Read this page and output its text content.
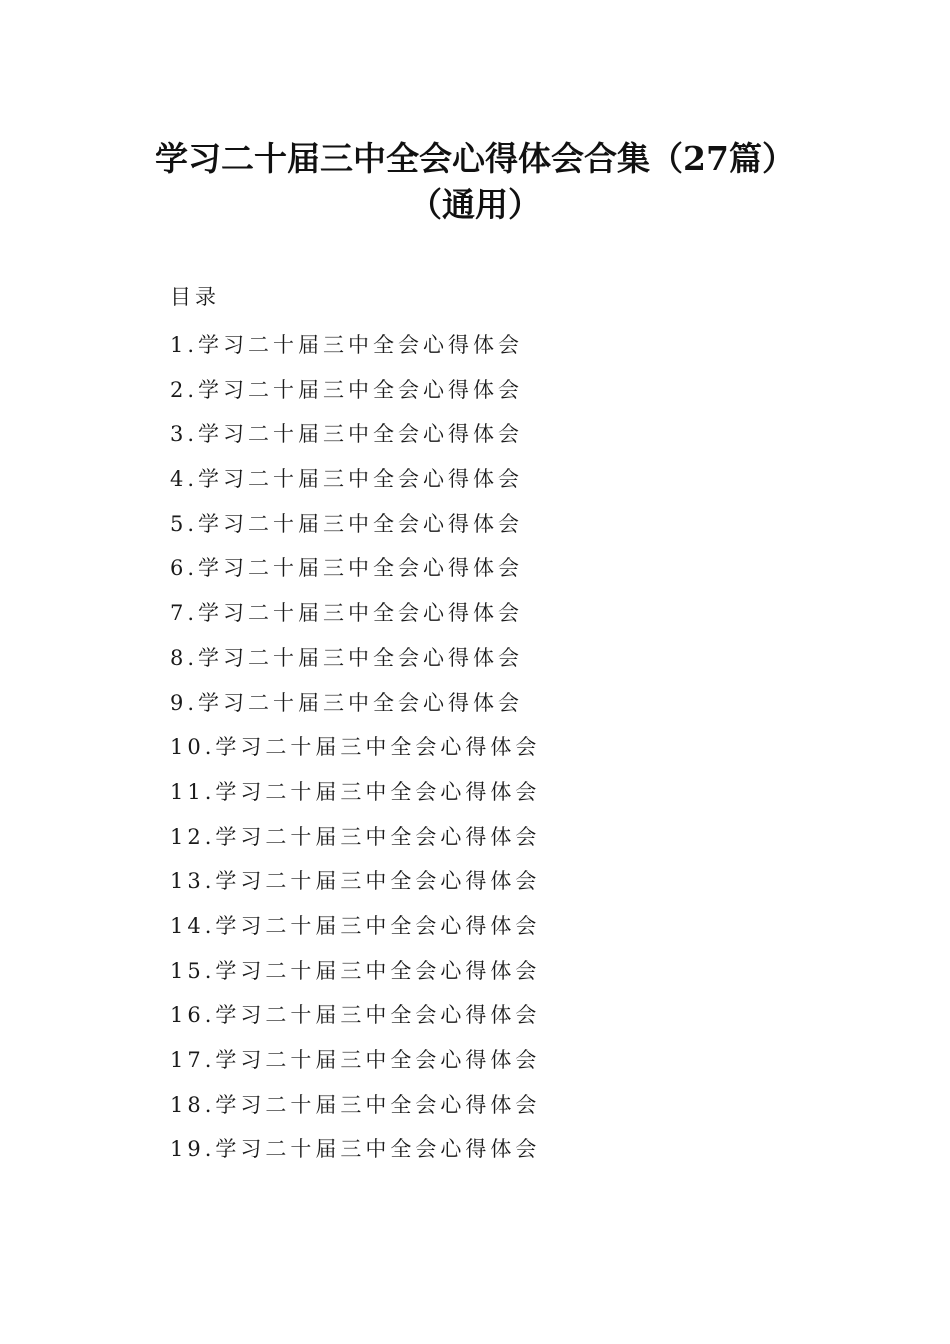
学习二十届三中全会心得体会合集（27篇）
（通用）
目录
1.学习二十届三中全会心得体会
2.学习二十届三中全会心得体会
3.学习二十届三中全会心得体会
4.学习二十届三中全会心得体会
5.学习二十届三中全会心得体会
6.学习二十届三中全会心得体会
7.学习二十届三中全会心得体会
8.学习二十届三中全会心得体会
9.学习二十届三中全会心得体会
10.学习二十届三中全会心得体会
11.学习二十届三中全会心得体会
12.学习二十届三中全会心得体会
13.学习二十届三中全会心得体会
14.学习二十届三中全会心得体会
15.学习二十届三中全会心得体会
16.学习二十届三中全会心得体会
17.学习二十届三中全会心得体会
18.学习二十届三中全会心得体会
19.学习二十届三中全会心得体会
